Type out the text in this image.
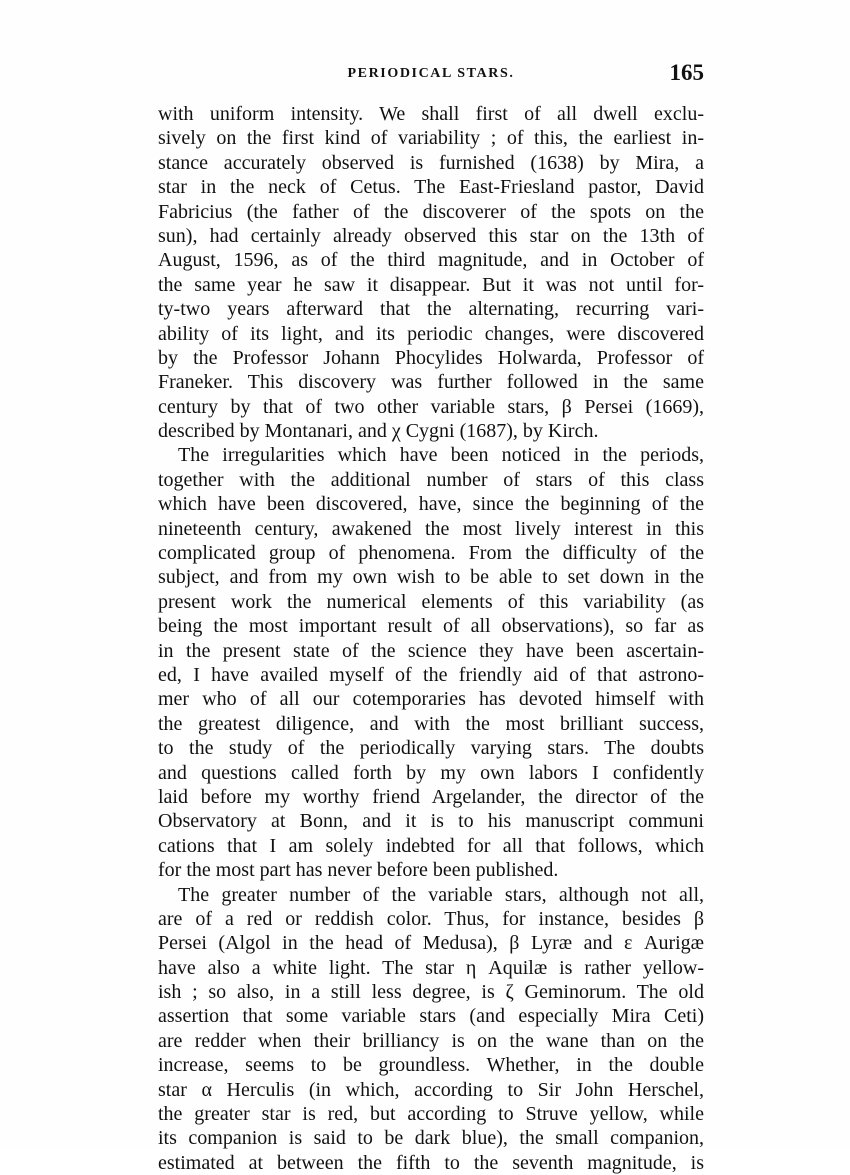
PERIODICAL STARS.	165
with uniform intensity. We shall first of all dwell exclu-
sively on the first kind of variability ; of this, the earliest in-
stance accurately observed is furnished (1638) by Mira, a
star in the neck of Cetus. The East-Friesland pastor, David
Fabricius (the father of the discoverer of the spots on the
sun), had certainly already observed this star on the 13th of
August, 1596, as of the third magnitude, and in October of
the same year he saw it disappear. But it was not until for-
ty-two years afterward that the alternating, recurring vari-
ability of its light, and its periodic changes, were discovered
by the Professor Johann Phocylides Holwarda, Professor of
Franeker. This discovery was further followed in the same
century by that of two other variable stars, β Persei (1669),
described by Montanari, and χ Cygni (1687), by Kirch.
The irregularities which have been noticed in the periods,
together with the additional number of stars of this class
which have been discovered, have, since the beginning of the
nineteenth century, awakened the most lively interest in this
complicated group of phenomena. From the difficulty of the
subject, and from my own wish to be able to set down in the
present work the numerical elements of this variability (as
being the most important result of all observations), so far as
in the present state of the science they have been ascertain-
ed, I have availed myself of the friendly aid of that astrono-
mer who of all our cotemporaries has devoted himself with
the greatest diligence, and with the most brilliant success,
to the study of the periodically varying stars. The doubts
and questions called forth by my own labors I confidently
laid before my worthy friend Argelander, the director of the
Observatory at Bonn, and it is to his manuscript communi
cations that I am solely indebted for all that follows, which
for the most part has never before been published.
The greater number of the variable stars, although not all,
are of a red or reddish color. Thus, for instance, besides β
Persei (Algol in the head of Medusa), β Lyræ and ε Aurigæ
have also a white light. The star η Aquilæ is rather yellow-
ish ; so also, in a still less degree, is ζ Geminorum. The old
assertion that some variable stars (and especially Mira Ceti)
are redder when their brilliancy is on the wane than on the
increase, seems to be groundless. Whether, in the double
star α Herculis (in which, according to Sir John Herschel,
the greater star is red, but according to Struve yellow, while
its companion is said to be dark blue), the small companion,
estimated at between the fifth to the seventh magnitude, is
